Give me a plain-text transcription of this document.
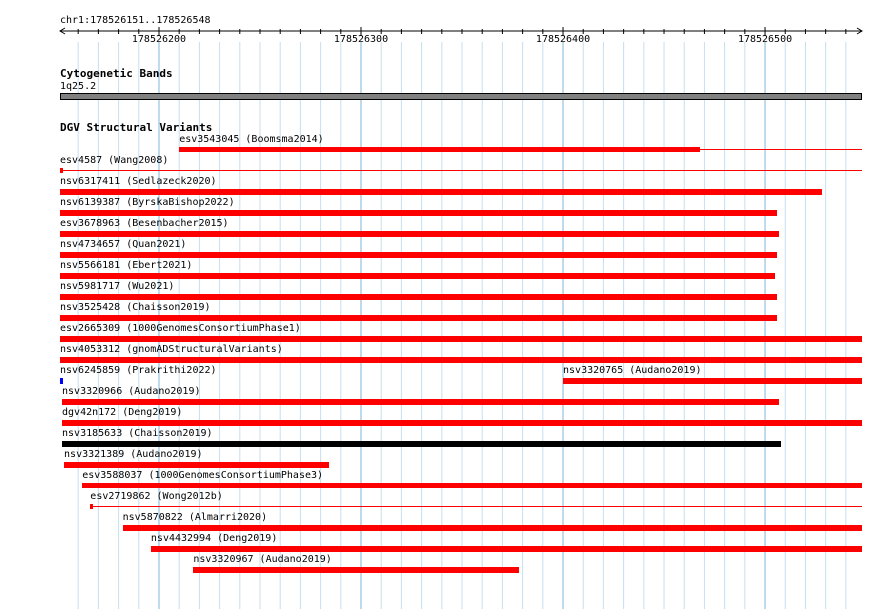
chr1:178526151..178526548
178526200	178526300	178526400	178526500
Cytogenetic Bands
1q25.2
DGV Structural Variants
esv3543045 (Boomsma2014)
esv4587 (Wang2008)
nsv6317411 (Sedlazeck2020)
nsv6139387 (ByrskaBishop2022)
esv3678963 (Besenbacher2015)
nsv4734657 (Quan2021)
nsv5566181 (Ebert2021)
nsv5981717 (Wu2021)
nsv3525428 (Chaisson2019)
esv2665309 (1000GenomesConsortiumPhase1)
nsv4053312 (gnomADStructuralVariants)
nsv6245859 (Prakrithi2022)	nsv3320765 (Audano2019)
nsv3320966 (Audano2019)
dgv42n172 (Deng2019)
nsv3185633 (Chaisson2019)
nsv3321389 (Audano2019)
esv3588037 (1000GenomesConsortiumPhase3)
esv2719862 (Wong2012b)
nsv5870822 (Almarri2020)
nsv4432994 (Deng2019)
nsv3320967 (Audano2019)
